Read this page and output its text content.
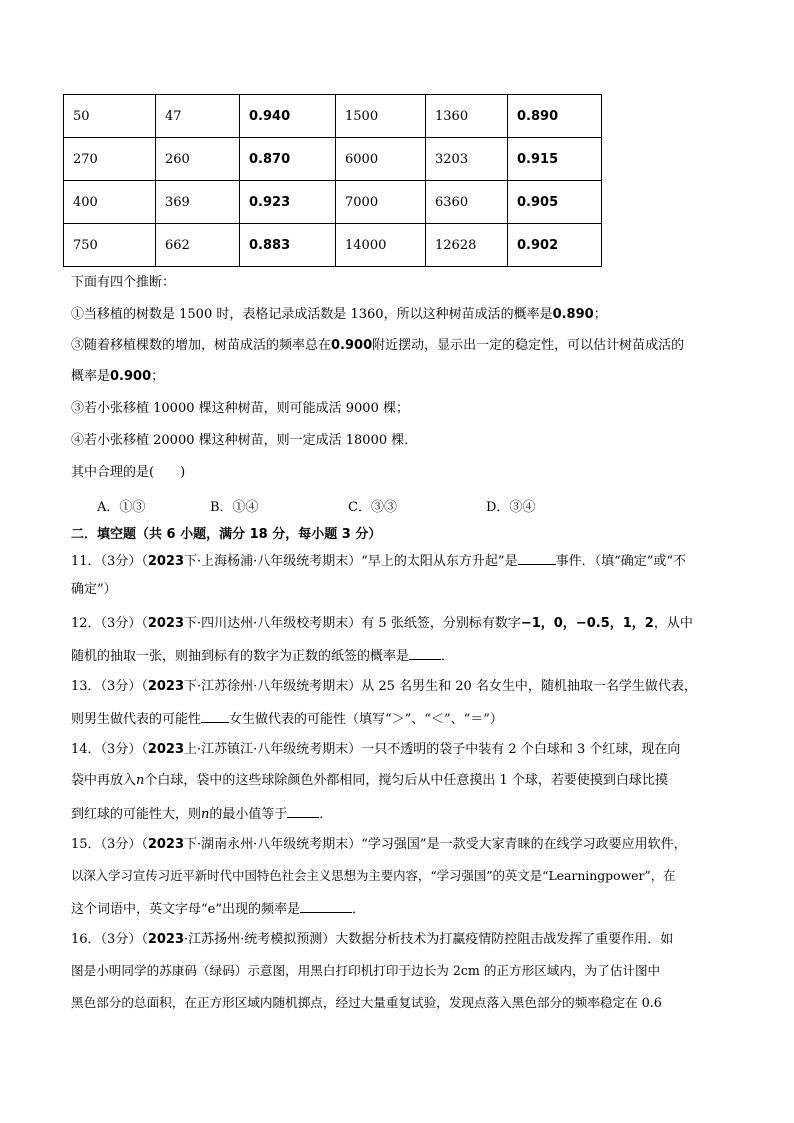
50	47	0.940	1500	1360	0.890
270	260	0.870	6000	3203	0.915
400	369	0.923	7000	6360	0.905
750	662	0.883	14000	12628	0.902
下面有四个推断：
①当移植的树数是 1500 时，表格记录成活数是 1360，所以这种树苗成活的概率是0.890；
③随着移植棵数的增加，树苗成活的频率总在0.900附近摆动，显示出一定的稳定性，可以估计树苗成活的
概率是0.900；
③若小张移植 10000 棵这种树苗，则可能成活 9000 棵；
④若小张移植 20000 棵这种树苗，则一定成活 18000 棵．
其中合理的是(　　)
A．①③	B．①④	C．③③	D．③④
二．填空题（共 6 小题，满分 18 分，每小题 3 分）
11．（3分）（2023下·上海杨浦·八年级统考期末）“早上的太阳从东方升起”是	事件．（填“确定”或“不
确定”）
12．（3分）（2023下·四川达州·八年级校考期末）有 5 张纸签，分别标有数字−1，0，−0.5，1，2，从中
随机的抽取一张，则抽到标有的数字为正数的纸签的概率是 ．
13．（3分）（2023下·江苏徐州·八年级统考期末）从 25 名男生和 20 名女生中，随机抽取一名学生做代表，
则男生做代表的可能性 女生做代表的可能性（填写“＞”、“＜”、“＝”）
14．（3分）（2023上·江苏镇江·八年级统考期末）一只不透明的袋子中装有 2 个白球和 3 个红球，现在向
袋中再放入n个白球，袋中的这些球除颜色外都相同，搅匀后从中任意摸出 1 个球，若要使摸到白球比摸
到红球的可能性大，则n的最小值等于 ．
15．（3分）（2023下·湖南永州·八年级统考期末）“学习强国”是一款受大家青睐的在线学习政要应用软件，
以深入学习宣传习近平新时代中国特色社会主义思想为主要内容，“学习强国”的英文是“Learningpower”，在
这个词语中，英文字母“e”出现的频率是	．
16．（3分）（2023·江苏扬州·统考模拟预测）大数据分析技术为打赢疫情防控阻击战发挥了重要作用．如
图是小明同学的苏康码（绿码）示意图，用黑白打印机打印于边长为 2cm 的正方形区域内，为了估计图中
黑色部分的总面积，在正方形区域内随机掷点，经过大量重复试验，发现点落入黑色部分的频率稳定在 0.6
